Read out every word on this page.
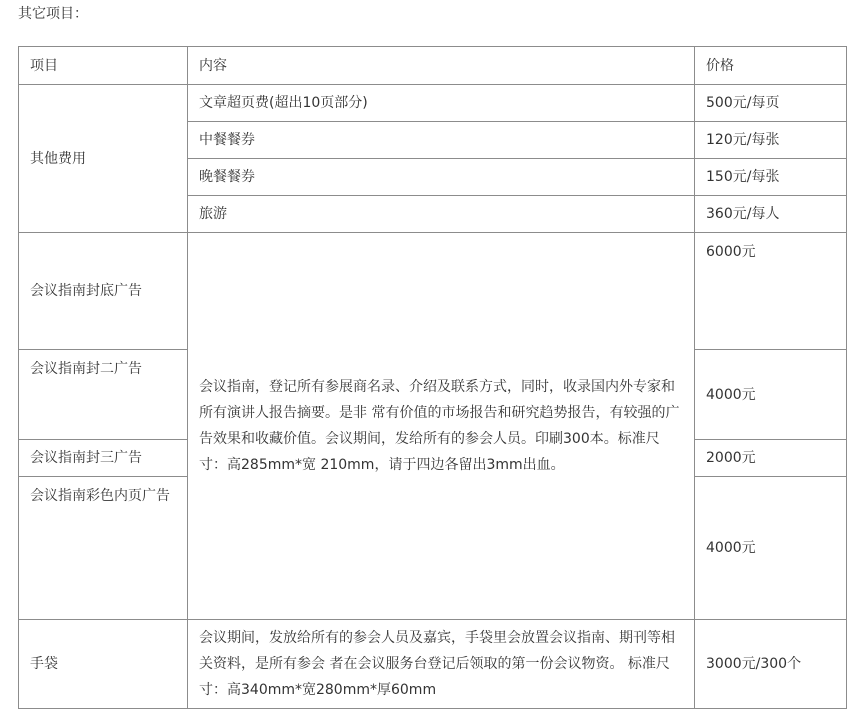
其它项目：
项目	内容	价格
其他费用	文章超页费(超出10页部分)	500元/每页
	中餐餐券	120元/每张
	晚餐餐券	150元/每张
	旅游	360元/每人
会议指南封底广告	会议指南，登记所有参展商名录、介绍及联系方式，同时，收录国内外专家和所有演讲人报告摘要。是非 常有价值的市场报告和研究趋势报告，有较强的广告效果和收藏价值。会议期间，发给所有的参会人员。印刷300本。标准尺寸：高285mm*宽 210mm，请于四边各留出3mm出血。	6000元
会议指南封二广告		4000元
会议指南封三广告		2000元
会议指南彩色内页广告		4000元
手袋	会议期间，发放给所有的参会人员及嘉宾，手袋里会放置会议指南、期刊等相关资料，是所有参会 者在会议服务台登记后领取的第一份会议物资。 标准尺寸：高340mm*宽280mm*厚60mm	3000元/300个
